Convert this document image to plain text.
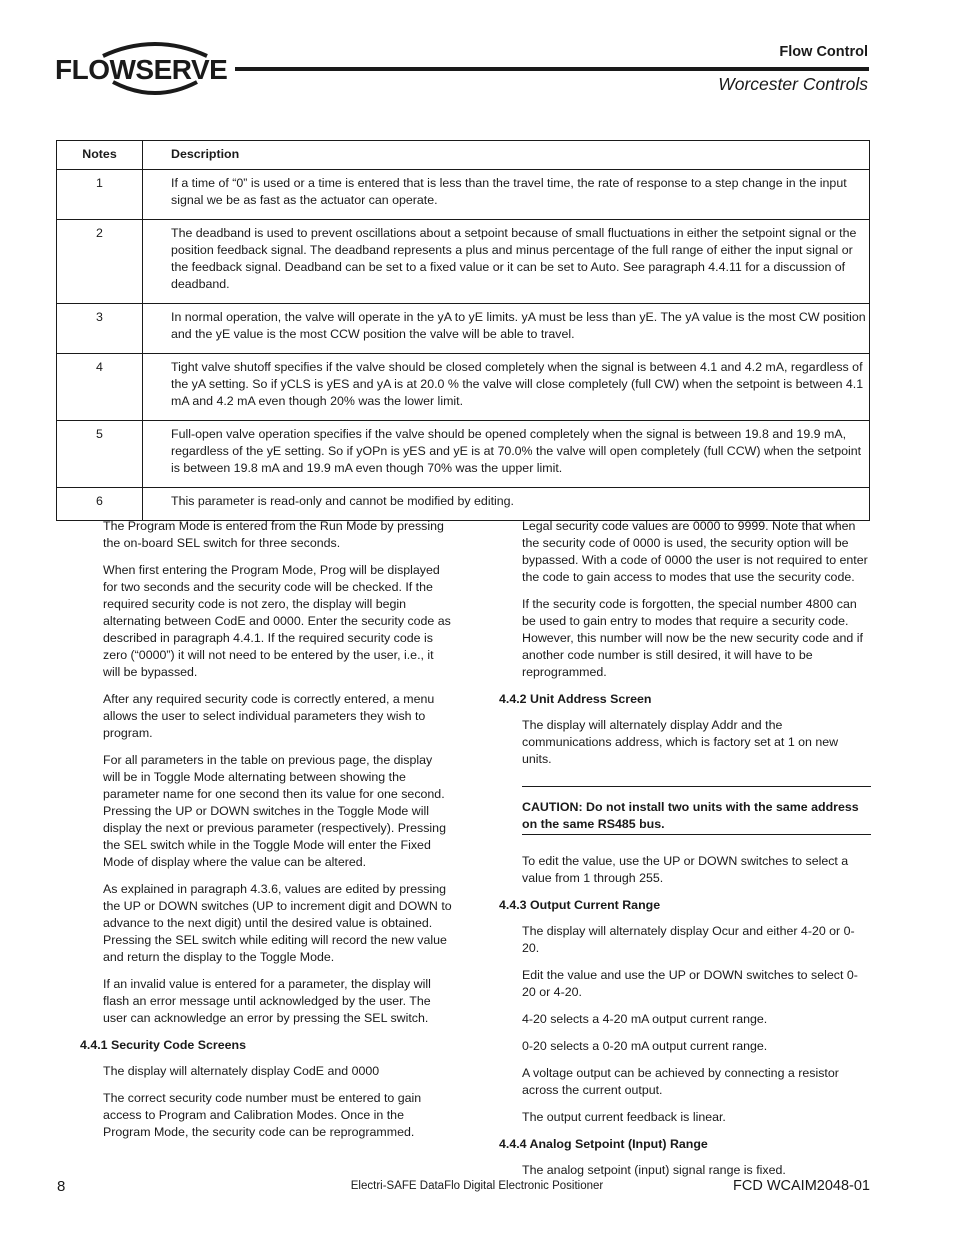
FLOWSERVE
Flow Control
Worcester Controls
Notes	Description
1	If a time of “0” is used or a time is entered that is less than the travel time, the rate of response to a step change in the input signal we be as fast as the actuator can operate.
2	The deadband is used to prevent oscillations about a setpoint because of small fluctuations in either the setpoint signal or the position feedback signal. The deadband represents a plus and minus percentage of the full range of either the input signal or the feedback signal. Deadband can be set to a fixed value or it can be set to Auto. See paragraph 4.4.11 for a discussion of deadband.
3	In normal operation, the valve will operate in the yA to yE limits. yA must be less than yE. The yA value is the most CW position and the yE value is the most CCW position the valve will be able to travel.
4	Tight valve shutoff specifies if the valve should be closed completely when the signal is between 4.1 and 4.2 mA, regardless of the yA setting. So if yCLS is yES and yA is at 20.0 % the valve will close completely (full CW) when the setpoint is between 4.1 mA and 4.2 mA even though 20% was the lower limit.
5	Full-open valve operation specifies if the valve should be opened completely when the signal is between 19.8 and 19.9 mA, regardless of the yE setting. So if yOPn is yES and yE is at 70.0% the valve will open completely (full CCW) when the setpoint is between 19.8 mA and 19.9 mA even though 70% was the upper limit.
6	This parameter is read-only and cannot be modified by editing.

The Program Mode is entered from the Run Mode by pressing the on-board SEL switch for three seconds.

When first entering the Program Mode, Prog will be displayed for two seconds and the security code will be checked. If the required security code is not zero, the display will begin alternating between CodE and 0000. Enter the security code as described in paragraph 4.4.1. If the required security code is zero (“0000”) it will not need to be entered by the user, i.e., it will be bypassed.

After any required security code is correctly entered, a menu allows the user to select individual parameters they wish to program.

For all parameters in the table on previous page, the display will be in Toggle Mode alternating between showing the parameter name for one second then its value for one second. Pressing the UP or DOWN switches in the Toggle Mode will display the next or previous parameter (respectively). Pressing the SEL switch while in the Toggle Mode will enter the Fixed Mode of display where the value can be altered.

As explained in paragraph 4.3.6, values are edited by pressing the UP or DOWN switches (UP to increment digit and DOWN to advance to the next digit) until the desired value is obtained. Pressing the SEL switch while editing will record the new value and return the display to the Toggle Mode.

If an invalid value is entered for a parameter, the display will flash an error message until acknowledged by the user. The user can acknowledge an error by pressing the SEL switch.

4.4.1 Security Code Screens

The display will alternately display CodE and 0000

The correct security code number must be entered to gain access to Program and Calibration Modes. Once in the Program Mode, the security code can be reprogrammed.

Legal security code values are 0000 to 9999. Note that when the security code of 0000 is used, the security option will be bypassed. With a code of 0000 the user is not required to enter the code to gain access to modes that use the security code.

If the security code is forgotten, the special number 4800 can be used to gain entry to modes that require a security code. However, this number will now be the new security code and if another code number is still desired, it will have to be reprogrammed.

4.4.2 Unit Address Screen

The display will alternately display Addr and the communications address, which is factory set at 1 on new units.

CAUTION: Do not install two units with the same address on the same RS485 bus.

To edit the value, use the UP or DOWN switches to select a value from 1 through 255.

4.4.3 Output Current Range

The display will alternately display Ocur and either 4-20 or 0-20.

Edit the value and use the UP or DOWN switches to select 0-20 or 4-20.

4-20 selects a 4-20 mA output current range.

0-20 selects a 0-20 mA output current range.

A voltage output can be achieved by connecting a resistor across the current output.

The output current feedback is linear.

4.4.4 Analog Setpoint (Input) Range

The analog setpoint (input) signal range is fixed.

8	Electri-SAFE DataFlo Digital Electronic Positioner	FCD WCAIM2048-01
